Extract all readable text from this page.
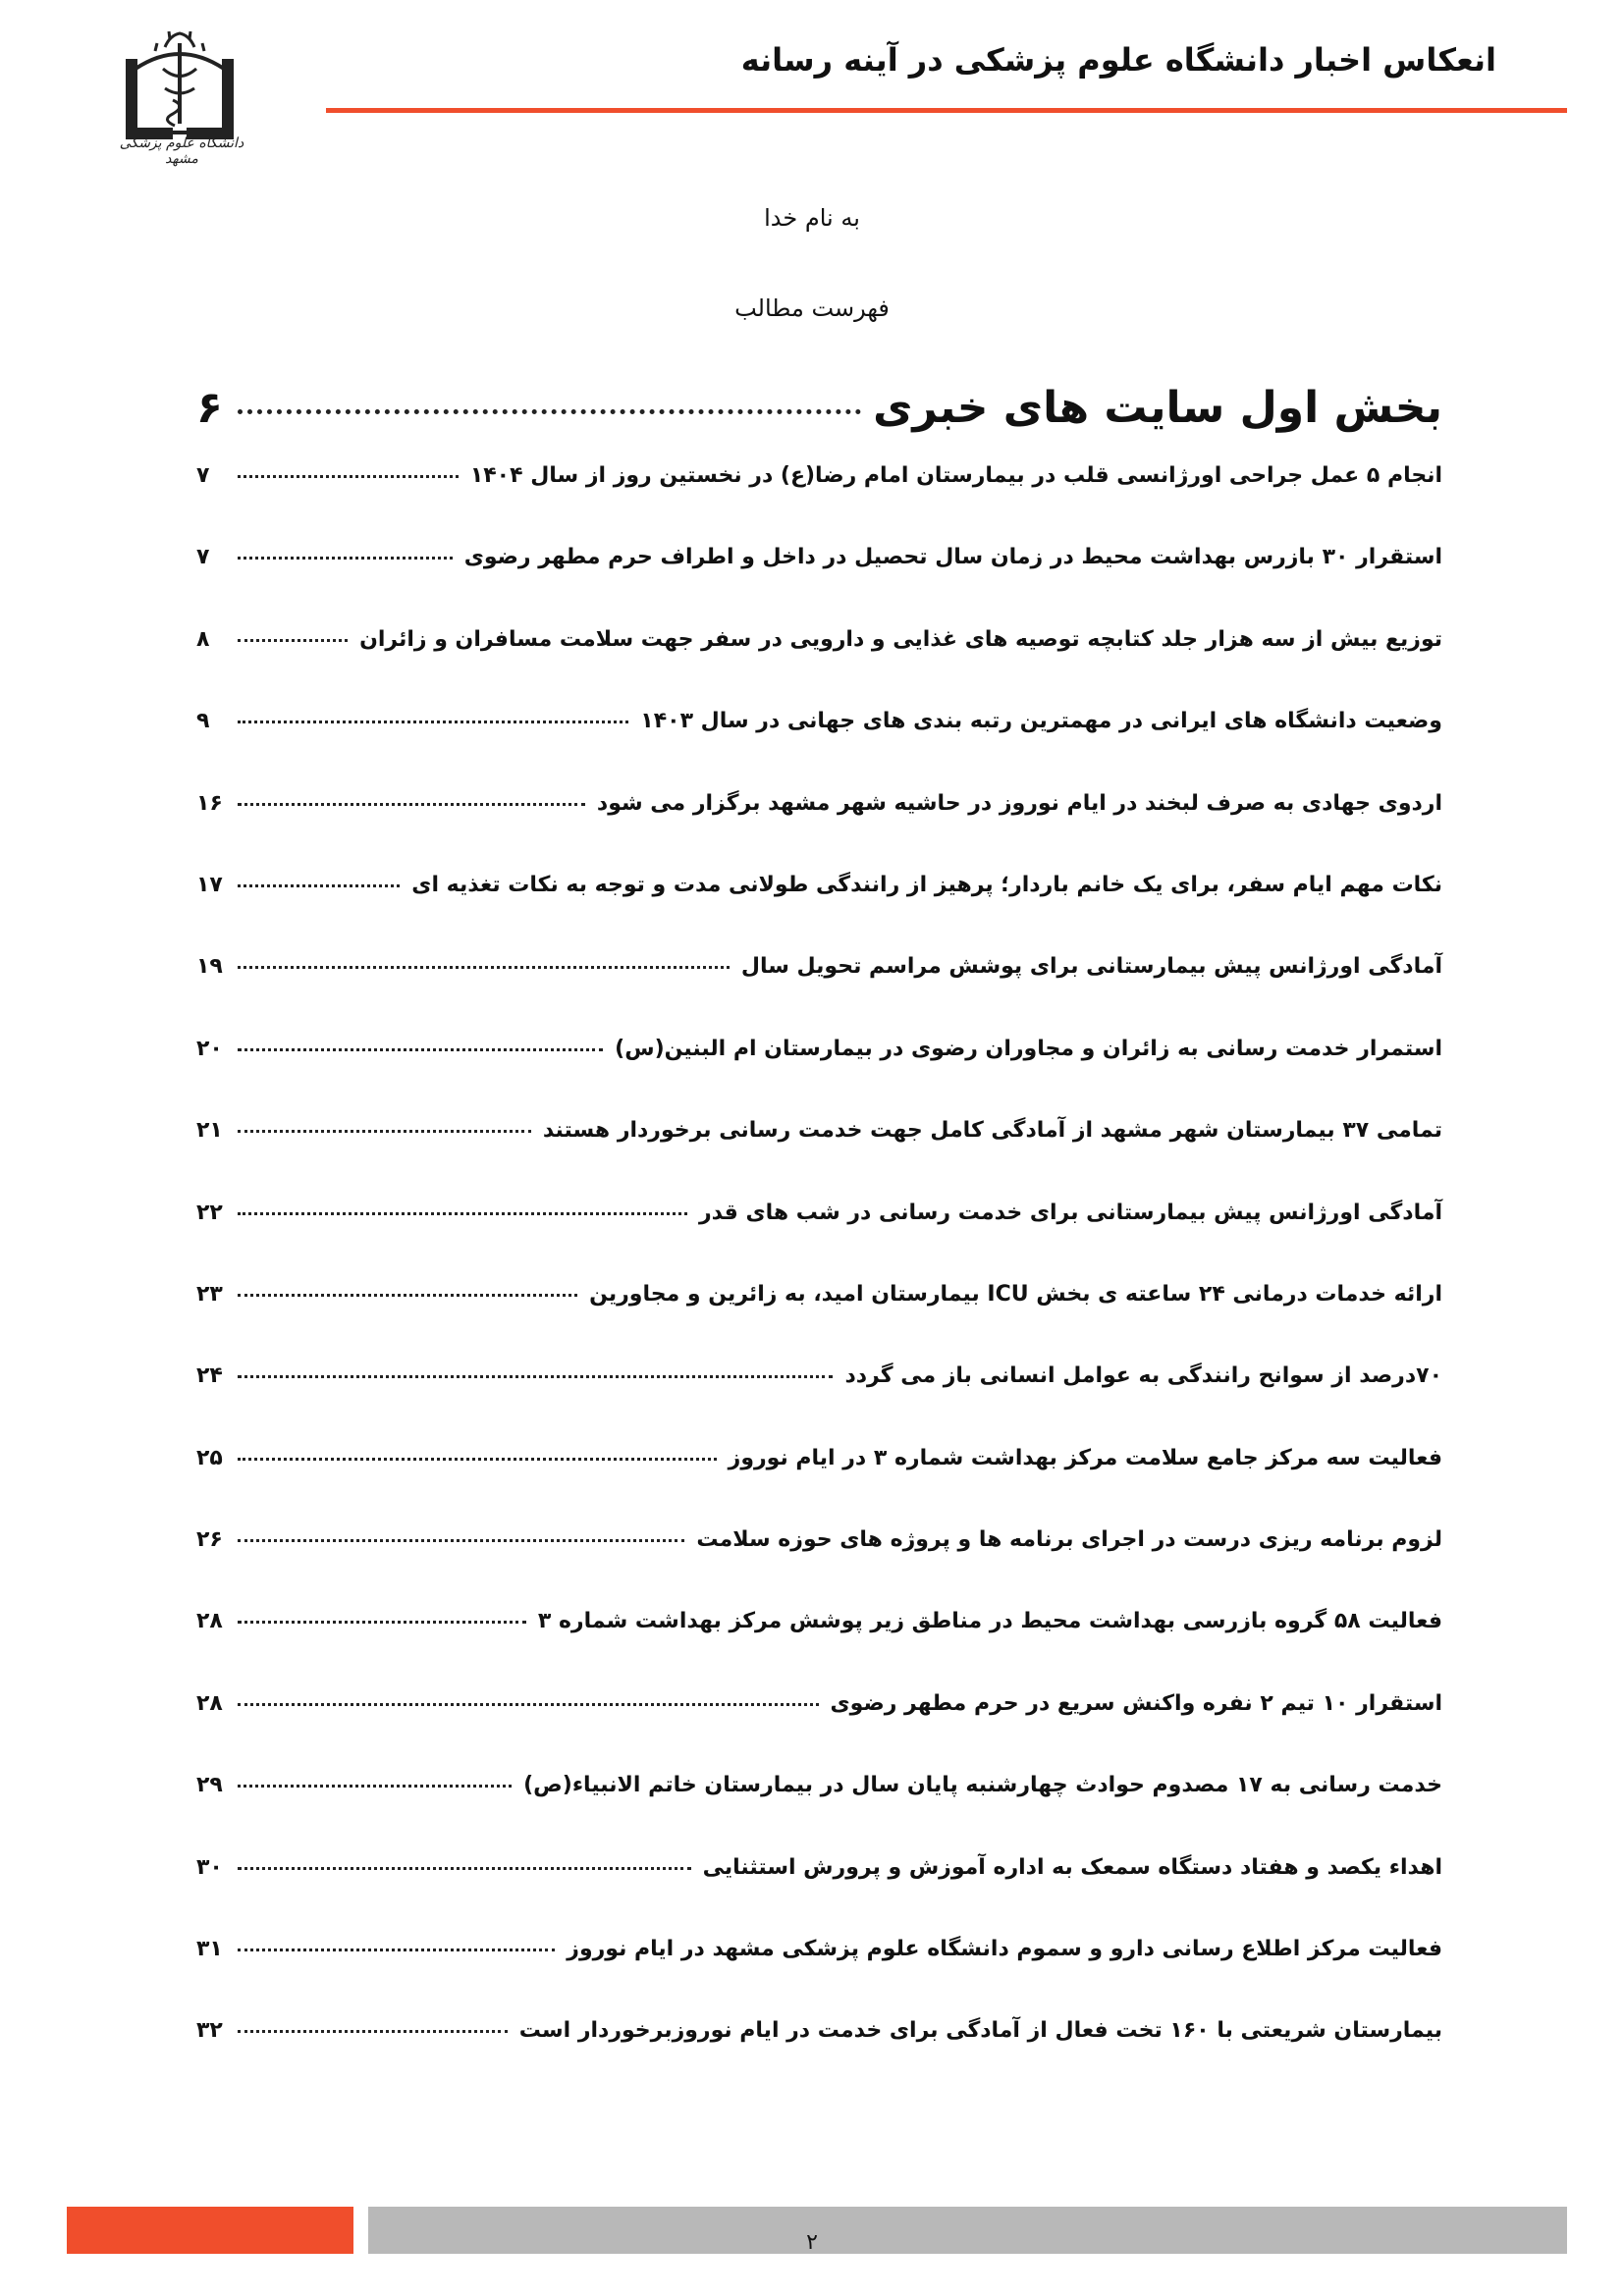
انعکاس اخبار دانشگاه علوم پزشکی در آینه رسانه
دانشگاه علوم پزشکی مشهد
به نام خدا
فهرست مطالب
بخش اول سایت های خبری
۶
انجام ۵ عمل جراحی اورژانسی قلب در بیمارستان امام رضا(ع) در نخستین روز از سال ۱۴۰۴
۷
استقرار ۳۰ بازرس بهداشت محیط در زمان سال تحصیل در داخل و اطراف حرم مطهر رضوی
۷
توزیع بیش از سه هزار جلد کتابچه توصیه های غذایی و دارویی در سفر جهت سلامت مسافران و زائران
۸
وضعیت دانشگاه های ایرانی در مهمترین رتبه بندی های جهانی در سال ۱۴۰۳
۹
اردوی جهادی به صرف لبخند در ایام نوروز در حاشیه شهر مشهد برگزار می شود
۱۶
نکات مهم ایام سفر، برای یک خانم باردار؛ پرهیز از رانندگی طولانی مدت و توجه به نکات تغذیه ای
۱۷
آمادگی اورژانس پیش بیمارستانی برای پوشش مراسم تحویل سال
۱۹
استمرار خدمت رسانی به زائران و مجاوران رضوی در بیمارستان ام البنین(س)
۲۰
تمامی ۳۷ بیمارستان شهر مشهد از آمادگی کامل جهت خدمت رسانی برخوردار هستند
۲۱
آمادگی اورژانس پیش بیمارستانی برای خدمت رسانی در شب های قدر
۲۲
ارائه خدمات درمانی ۲۴ ساعته ی بخش ICU بیمارستان امید، به زائرین و مجاورین
۲۳
۷۰درصد از سوانح رانندگی به عوامل انسانی باز می گردد
۲۴
فعالیت سه مرکز جامع سلامت مرکز بهداشت شماره ۳ در ایام نوروز
۲۵
لزوم برنامه ریزی درست در اجرای برنامه ها و پروژه های حوزه سلامت
۲۶
فعالیت ۵۸ گروه بازرسی بهداشت محیط در مناطق زیر پوشش مرکز بهداشت شماره ۳
۲۸
استقرار ۱۰ تیم ۲ نفره واکنش سریع در حرم مطهر رضوی
۲۸
خدمت رسانی به ۱۷ مصدوم حوادث چهارشنبه پایان سال در بیمارستان خاتم الانبیاء(ص)
۲۹
اهداء یکصد و هفتاد دستگاه سمعک به اداره آموزش و پرورش استثنایی
۳۰
فعالیت مرکز اطلاع رسانی دارو و سموم دانشگاه علوم پزشکی مشهد در ایام نوروز
۳۱
بیمارستان شریعتی با ۱۶۰ تخت فعال از آمادگی برای خدمت در ایام نوروزبرخوردار است
۳۲
۲
